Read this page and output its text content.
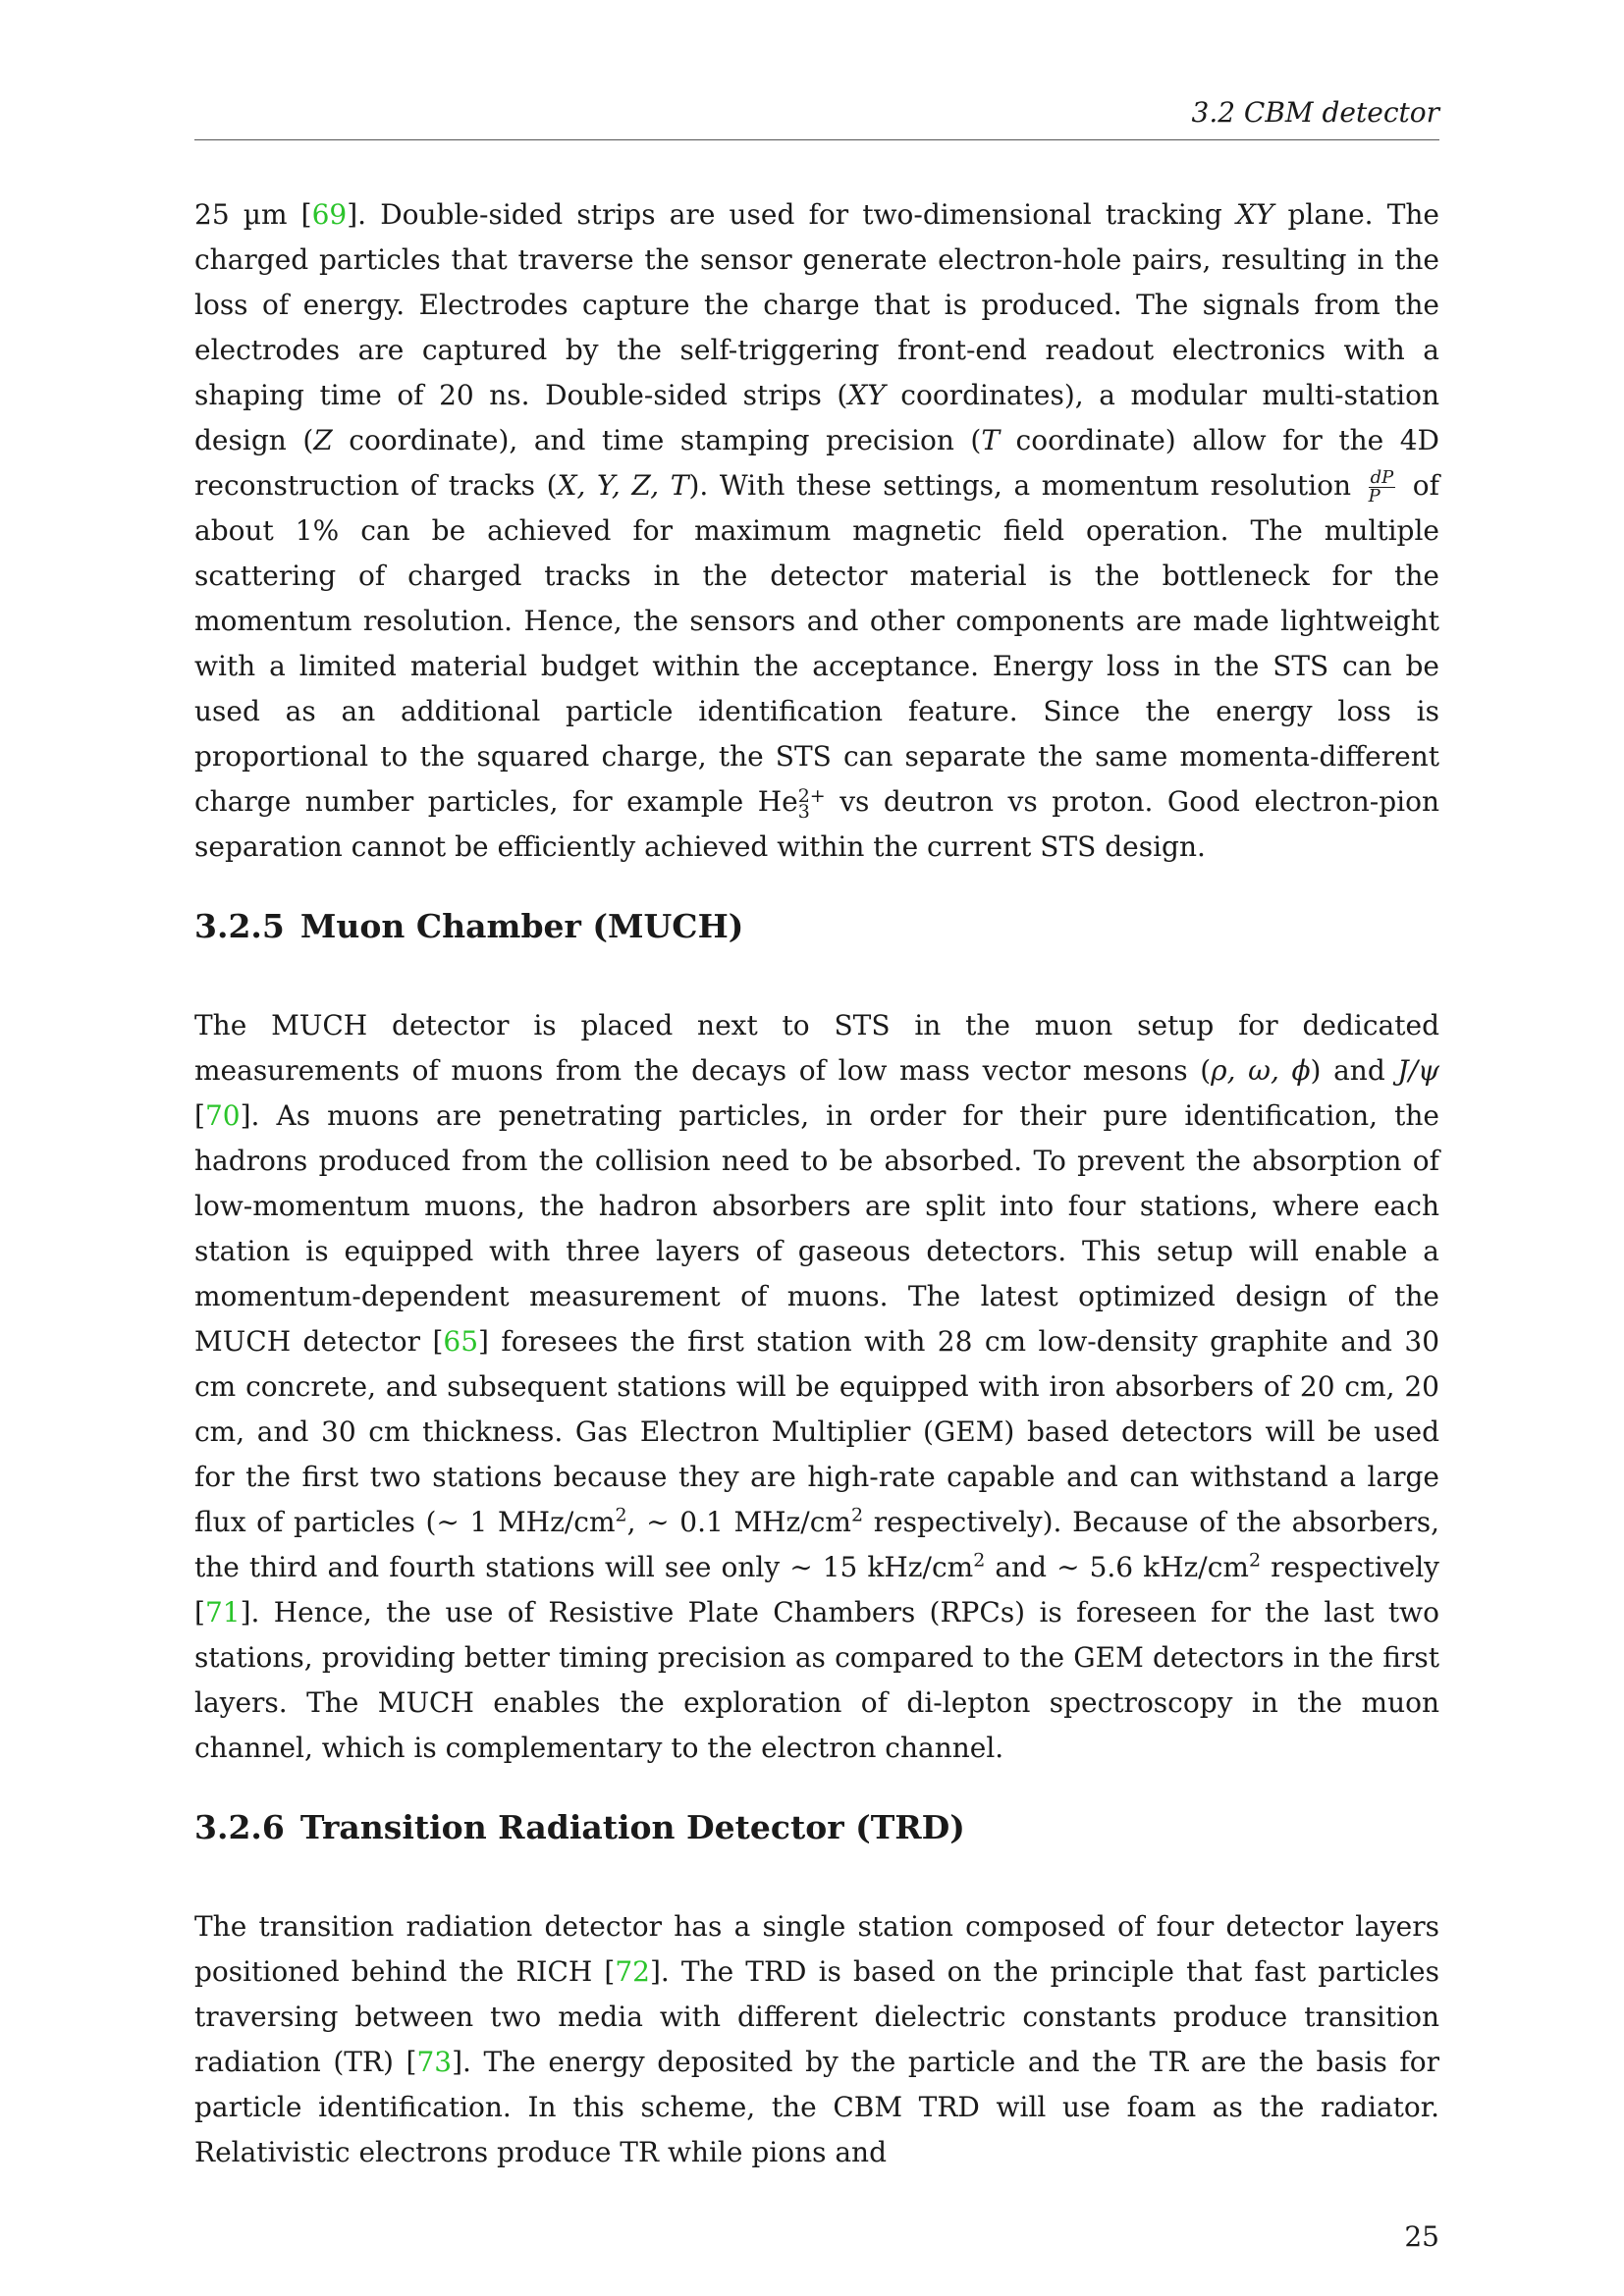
3.2 CBM detector

25 µm [69]. Double-sided strips are used for two-dimensional tracking XY plane. The charged particles that traverse the sensor generate electron-hole pairs, resulting in the loss of energy. Electrodes capture the charge that is produced. The signals from the electrodes are captured by the self-triggering front-end readout electronics with a shaping time of 20 ns. Double-sided strips (XY coordinates), a modular multi-station design (Z coordinate), and time stamping precision (T coordinate) allow for the 4D reconstruction of tracks (X, Y, Z, T). With these settings, a momentum resolution $\frac{dP}{P}$ of about 1% can be achieved for maximum magnetic field operation. The multiple scattering of charged tracks in the detector material is the bottleneck for the momentum resolution. Hence, the sensors and other components are made lightweight with a limited material budget within the acceptance. Energy loss in the STS can be used as an additional particle identification feature. Since the energy loss is proportional to the squared charge, the STS can separate the same momenta-different charge number particles, for example He 2+
3 vs deutron vs proton. Good electron-pion separation cannot be efficiently achieved within the current STS design.

3.2.5 Muon Chamber (MUCH)

The MUCH detector is placed next to STS in the muon setup for dedicated measurements of muons from the decays of low mass vector mesons (ρ, ω, ϕ) and J/ψ [70]. As muons are penetrating particles, in order for their pure identification, the hadrons produced from the collision need to be absorbed. To prevent the absorption of low-momentum muons, the hadron absorbers are split into four stations, where each station is equipped with three layers of gaseous detectors. This setup will enable a momentum-dependent measurement of muons. The latest optimized design of the MUCH detector [65] foresees the first station with 28 cm low-density graphite and 30 cm concrete, and subsequent stations will be equipped with iron absorbers of 20 cm, 20 cm, and 30 cm thickness. Gas Electron Multiplier (GEM) based detectors will be used for the first two stations because they are high-rate capable and can withstand a large flux of particles (∼ 1 MHz/$cm^2$, ∼ 0.1 MHz/$cm^2$ respectively). Because of the absorbers, the third and fourth stations will see only ∼ 15 kHz/$cm^2$ and ∼ 5.6 kHz/$cm^2$ respectively [71]. Hence, the use of Resistive Plate Chambers (RPCs) is foreseen for the last two stations, providing better timing precision as compared to the GEM detectors in the first layers. The MUCH enables the exploration of di-lepton spectroscopy in the muon channel, which is complementary to the electron channel.

3.2.6 Transition Radiation Detector (TRD)

The transition radiation detector has a single station composed of four detector layers positioned behind the RICH [72]. The TRD is based on the principle that fast particles traversing between two media with different dielectric constants produce transition radiation (TR) [73]. The energy deposited by the particle and the TR are the basis for particle identification. In this scheme, the CBM TRD will use foam as the radiator. Relativistic electrons produce TR while pions and

25
